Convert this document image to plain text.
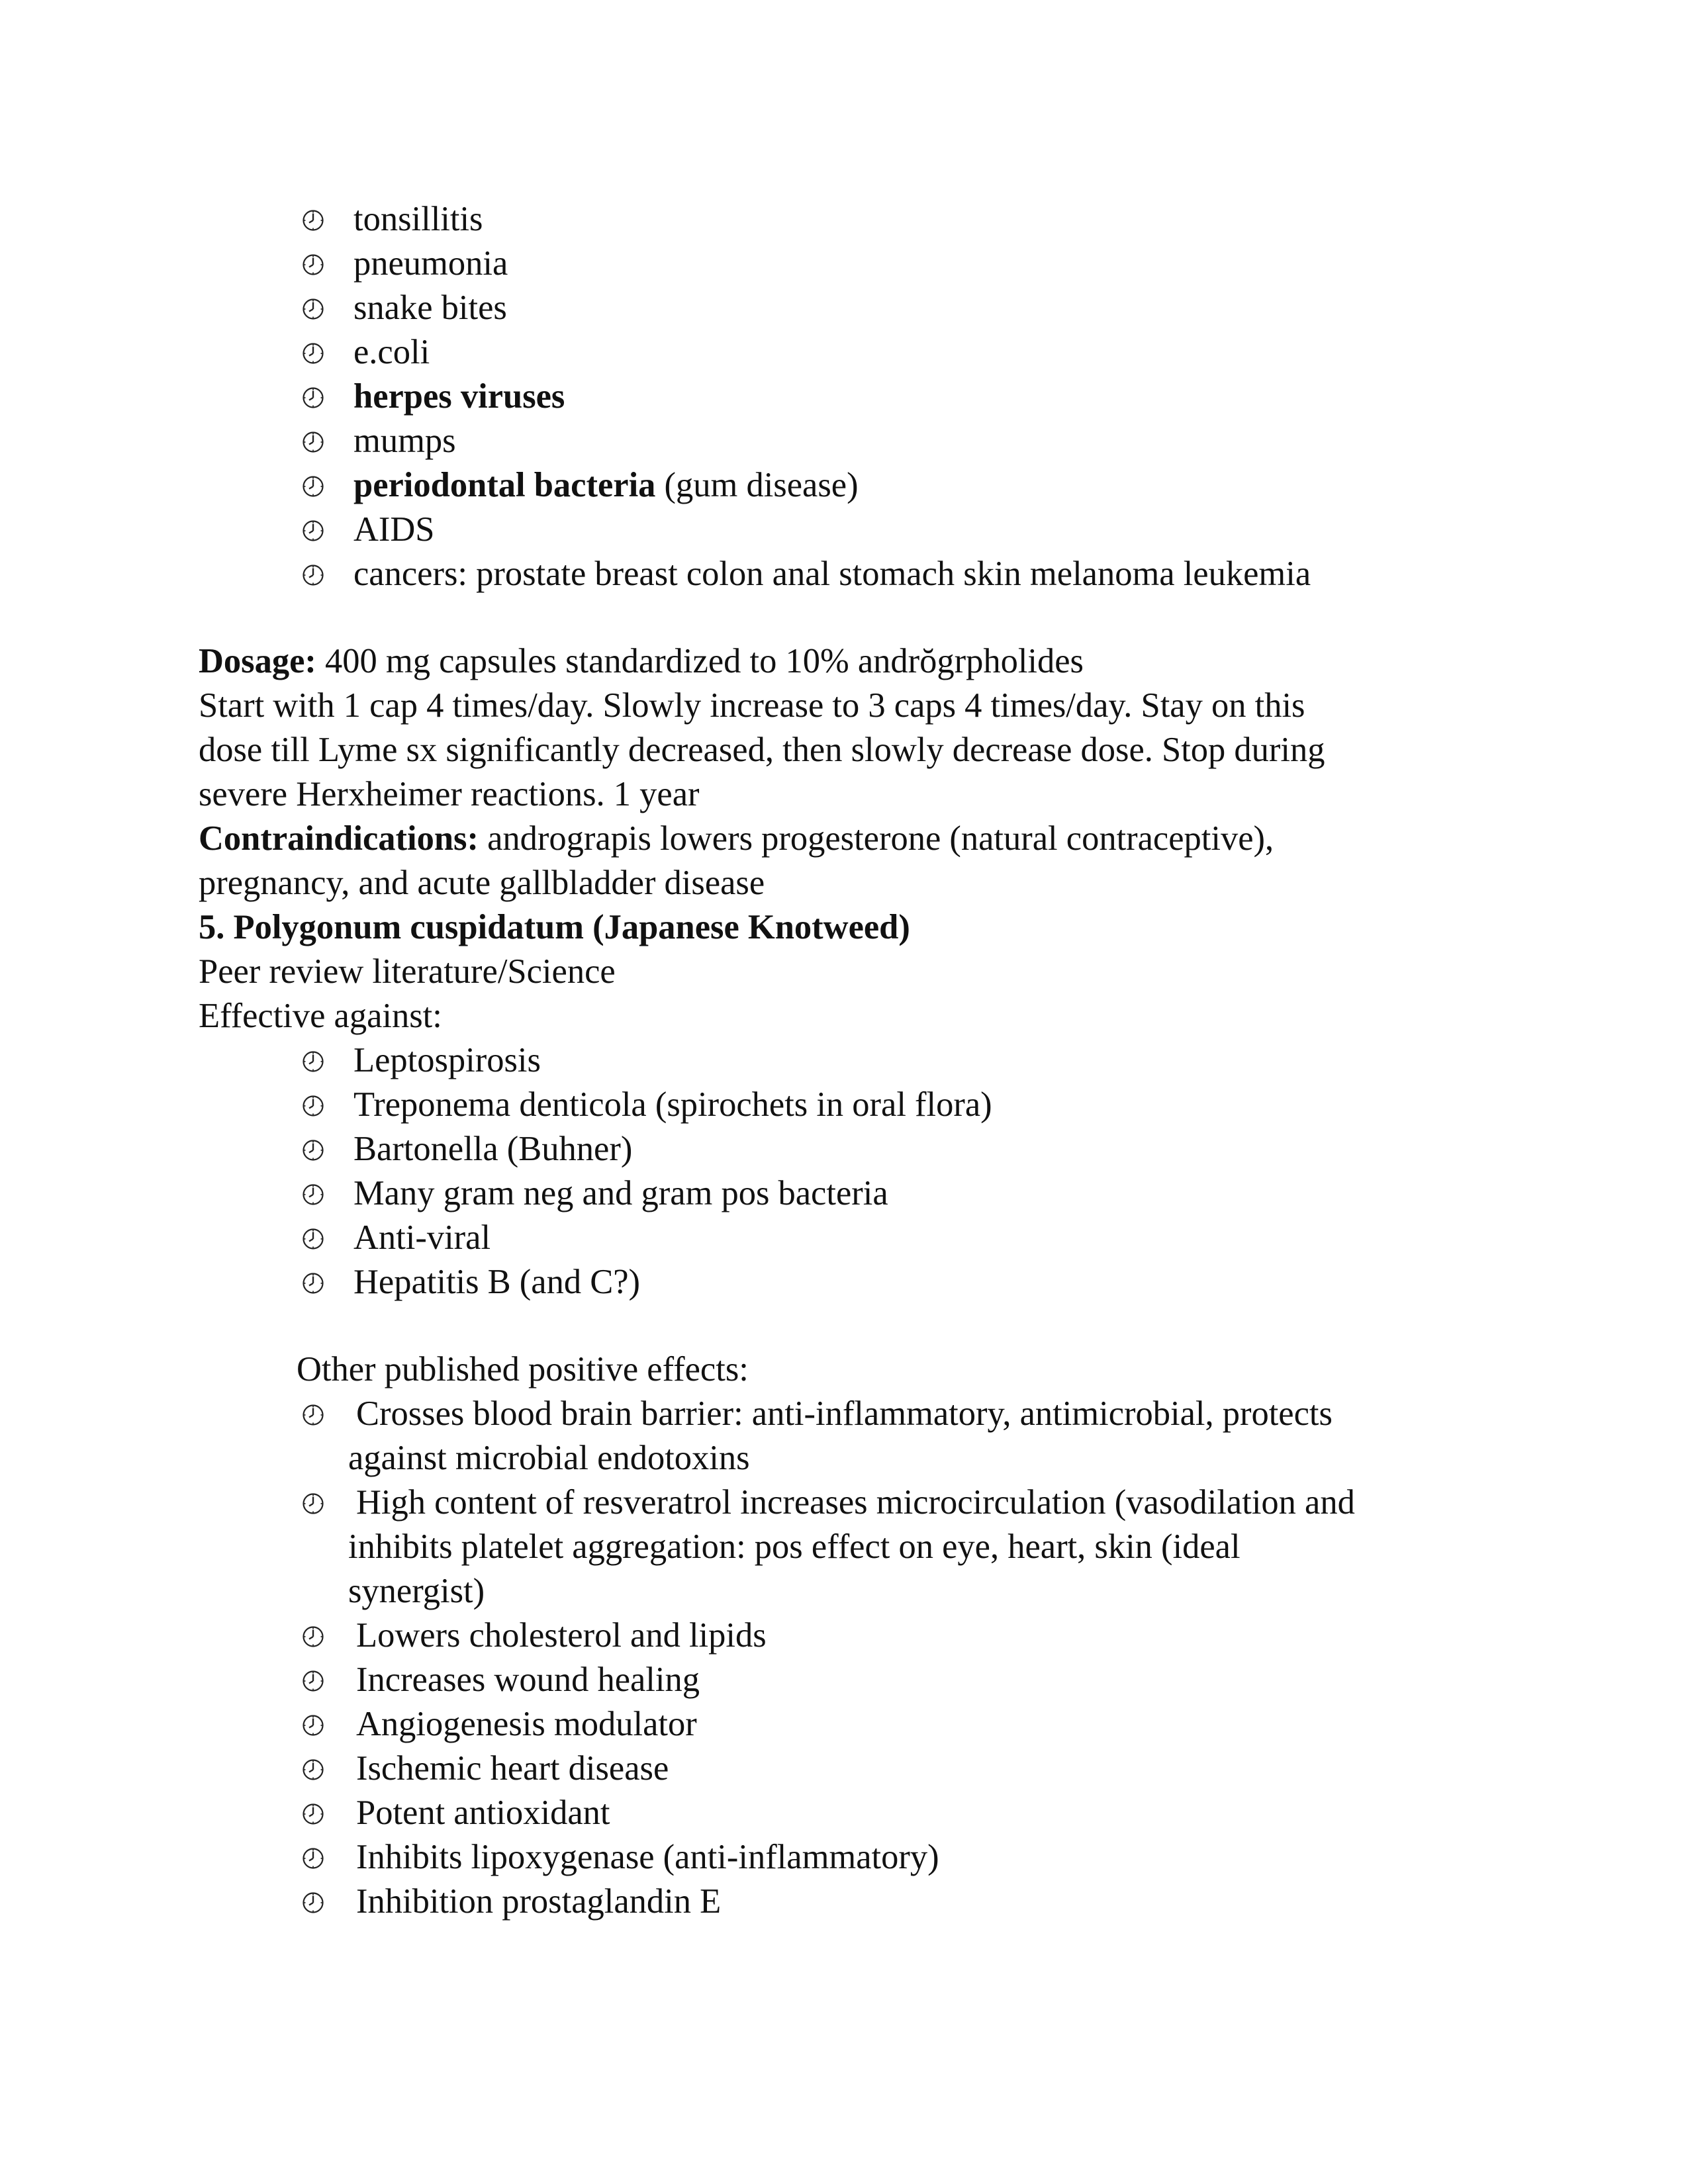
tonsillitis
pneumonia
snake bites
e.coli
herpes viruses
mumps
periodontal bacteria (gum disease)
AIDS
cancers: prostate breast colon anal stomach skin melanoma leukemia
Dosage: 400 mg capsules standardized to 10% andrŏgrpholides
Start with 1 cap 4 times/day. Slowly increase to 3 caps 4 times/day. Stay on this
dose till Lyme sx significantly decreased, then slowly decrease dose. Stop during
severe Herxheimer reactions. 1 year
Contraindications: andrograpis lowers progesterone (natural contraceptive),
pregnancy, and acute gallbladder disease
5. Polygonum cuspidatum (Japanese Knotweed)
Peer review literature/Science
Effective against:
Leptospirosis
Treponema denticola (spirochets in oral flora)
Bartonella (Buhner)
Many gram neg and gram pos bacteria
Anti-viral
Hepatitis B (and C?)
Other published positive effects:
Crosses blood brain barrier: anti-inflammatory, antimicrobial, protects
against microbial endotoxins
High content of resveratrol increases microcirculation (vasodilation and
inhibits platelet aggregation: pos effect on eye, heart, skin (ideal
synergist)
Lowers cholesterol and lipids
Increases wound healing
Angiogenesis modulator
Ischemic heart disease
Potent antioxidant
Inhibits lipoxygenase (anti-inflammatory)
Inhibition prostaglandin E
